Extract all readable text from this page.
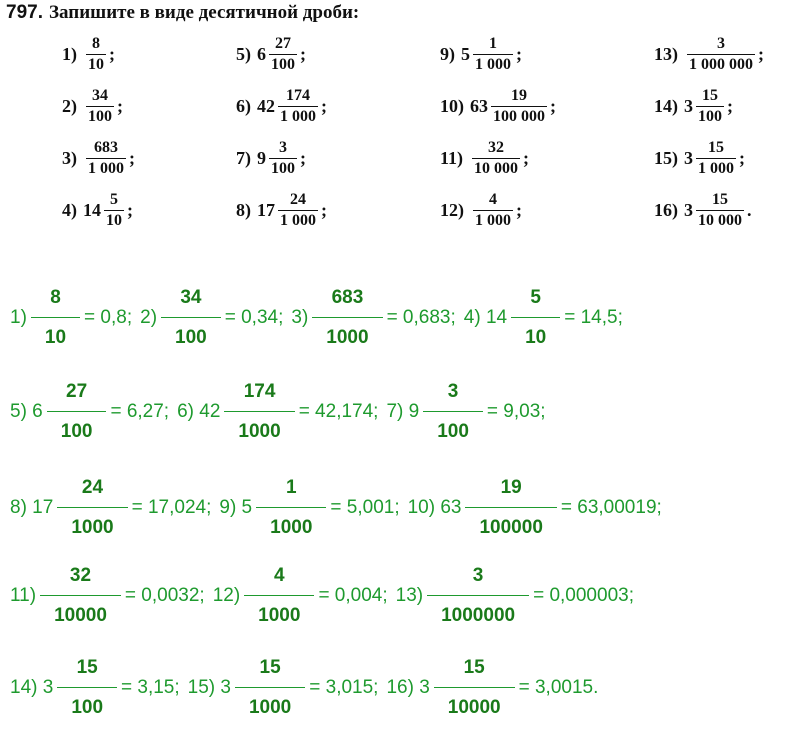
797. Запишите в виде десятичной дроби:
$1) \frac{8}{10}$ ;
$2) \frac{34}{100}$ ;
$3) \frac{683}{1 000}$ ;
4) $14 \frac{5}{10}$ ;
5) $6 \frac{27}{100}$ ;
6) $42 \frac{174}{1 000}$ ;
7) $9 \frac{3}{100}$ ;
8) $17 \frac{24}{1 000}$ ;
9) $5 \frac{1}{1 000}$ ;
10) $63 \frac{19}{100 000}$ ;
$11) \frac{32}{10 000}$ ;
$12) \frac{4}{1 000}$ ;
$13) \frac{3}{1 000 000}$ ;
14) $3 \frac{15}{100}$ ;
15) $3 \frac{15}{1 000}$ ;
16) $3 \frac{15}{10 000}$ .
$1) \frac{8}{10} = 0,8$; $2) \frac{34}{100} = 0,34$; $3) \frac{683}{1000} = 0,683$; 4) $14 \frac{5}{10} = 14,5$;
5) $6 \frac{27}{100} = 6,27$; 6) $42 \frac{174}{1000} = 42,174$; 7) $9 \frac{3}{100} = 9,03$;
8) $17 \frac{24}{1000} = 17,024$; 9) $5 \frac{1}{1000} = 5,001$; 10) $63 \frac{19}{100000} = 63,00019$;
$11) \frac{32}{10000} = 0,0032$; $12) \frac{4}{1000} = 0,004$; $13) \frac{3}{1000000} = 0,000003$;
14) $3 \frac{15}{100} = 3,15$; 15) $3 \frac{15}{1000} = 3,015$; 16) $3 \frac{15}{10000} = 3,0015$.
